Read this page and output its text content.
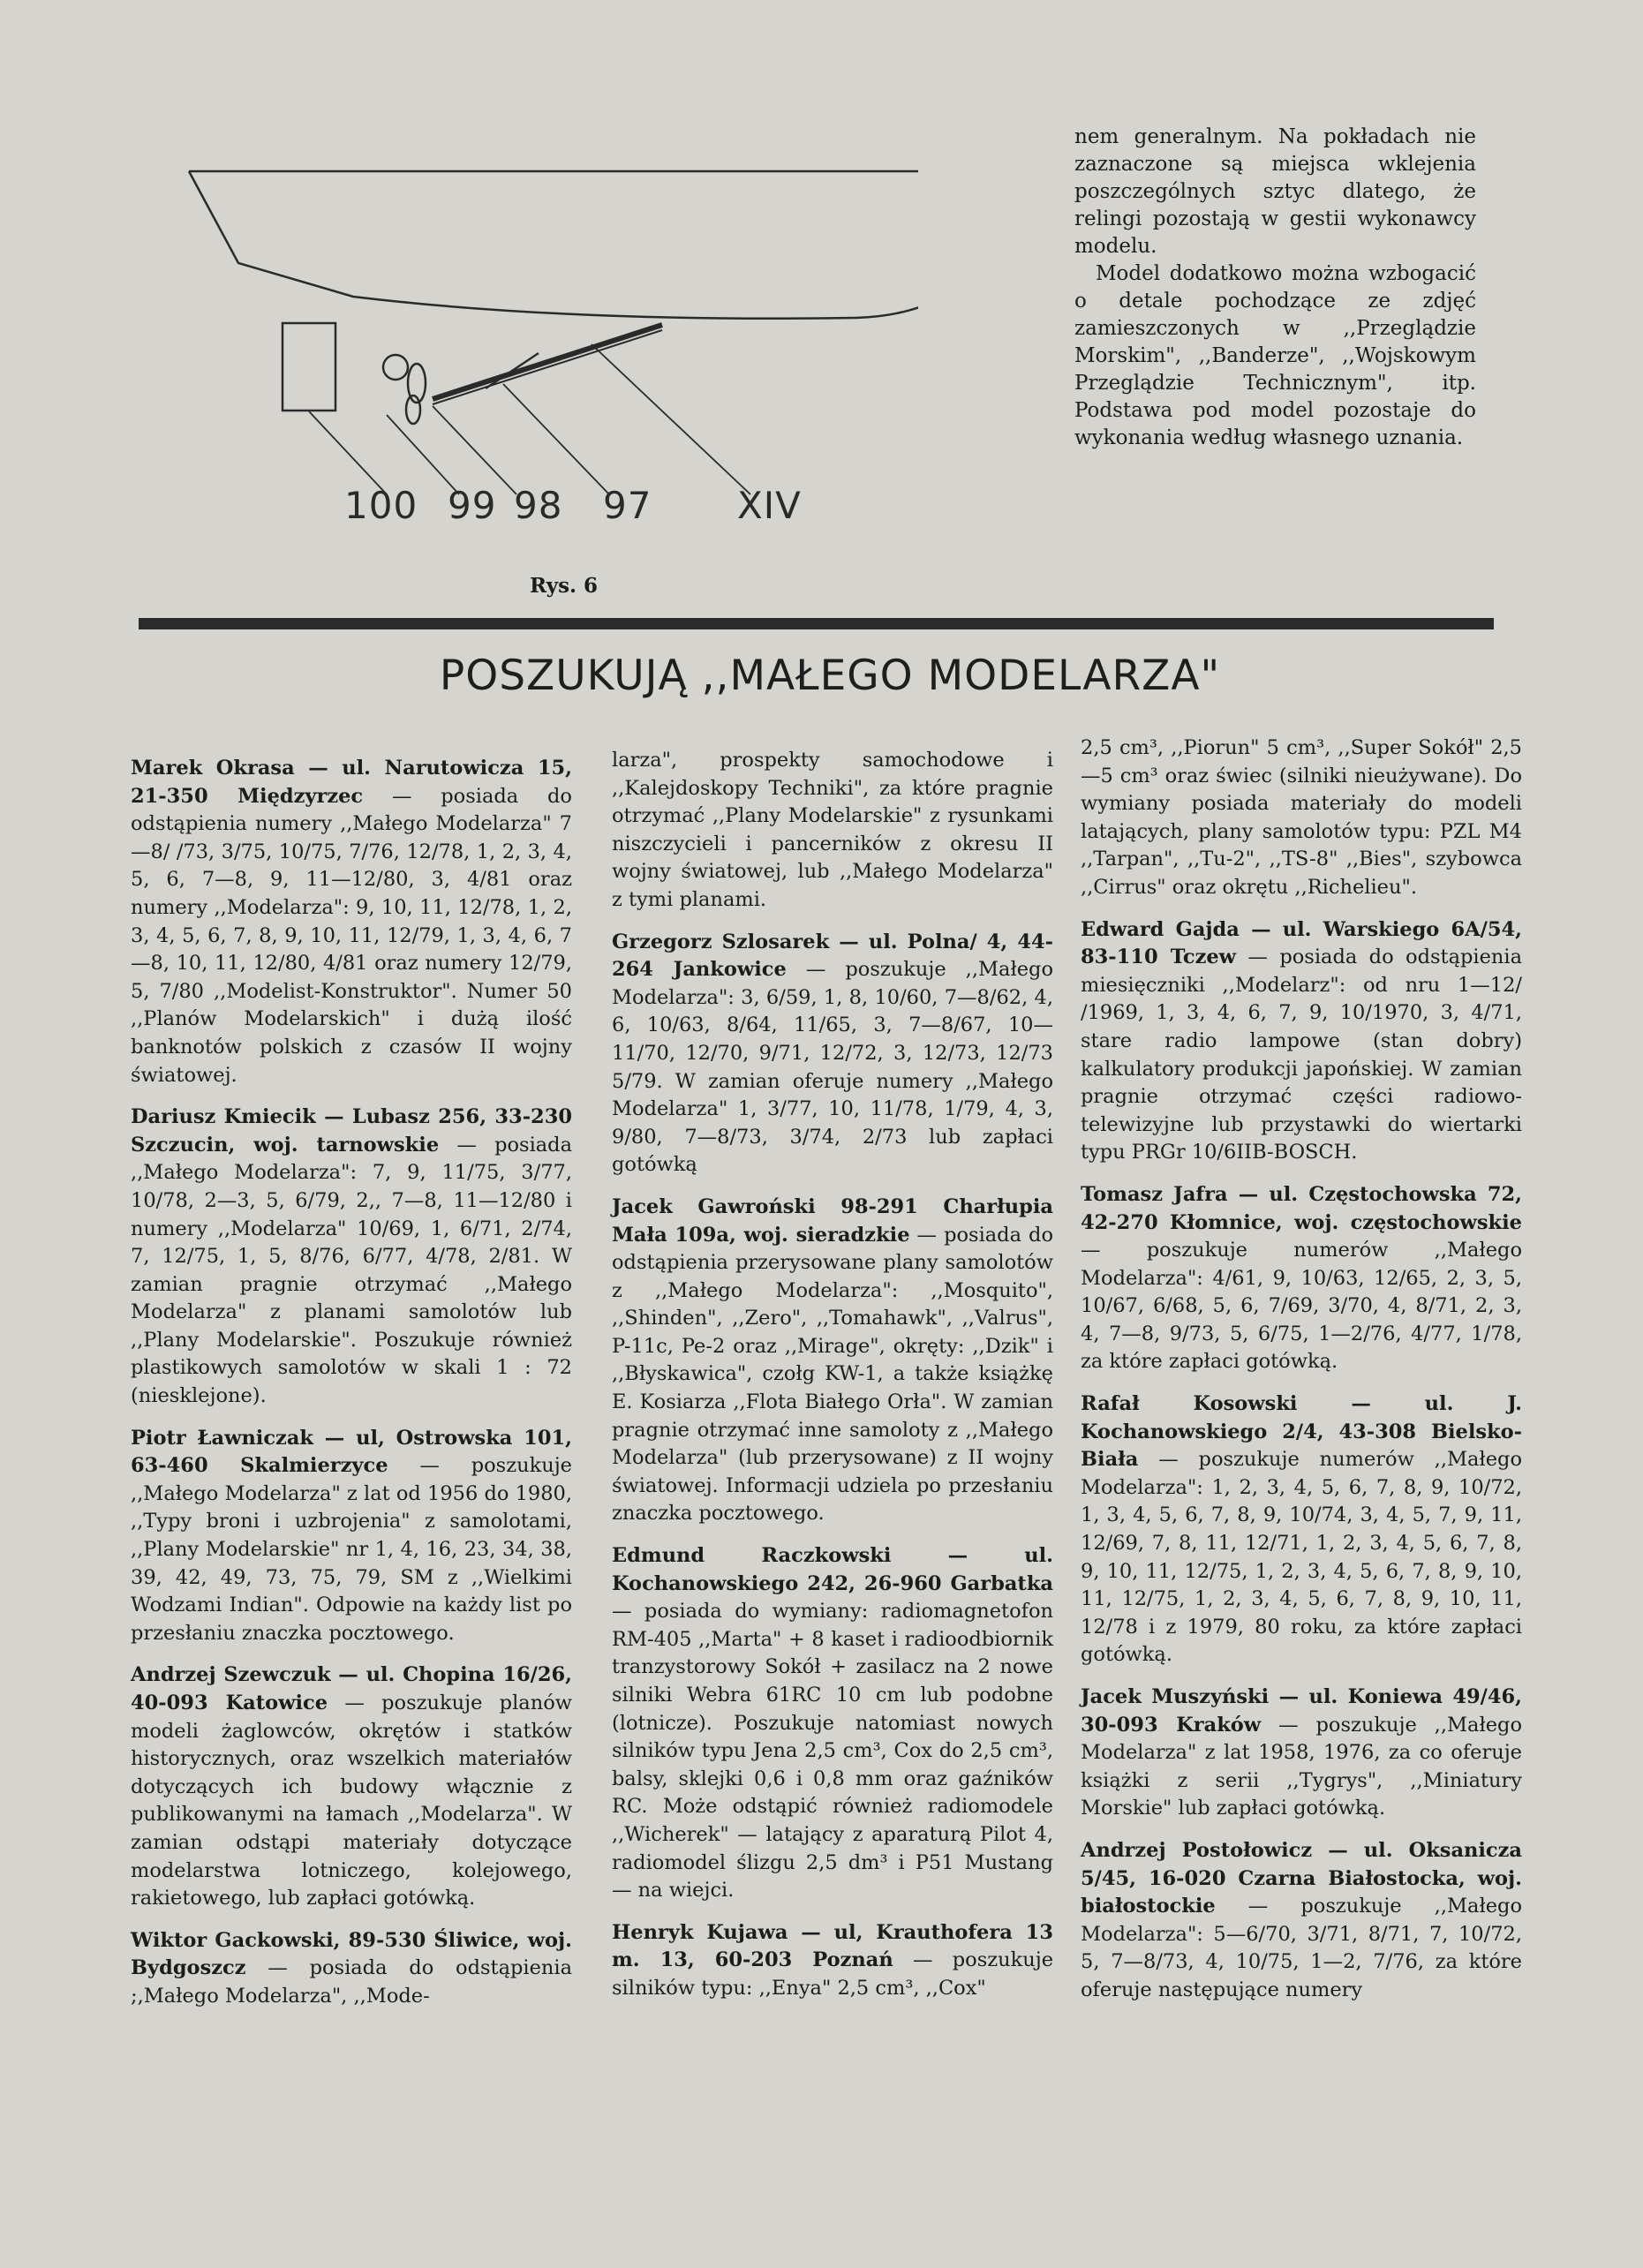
100 99 98 97 XIV
Rys. 6

nem generalnym. Na pokładach nie zaznaczone są miejsca wklejenia poszczególnych sztyc dlatego, że relingi pozostają w gestii wykonawcy modelu.

Model dodatkowo można wzbogacić o detale pochodzące ze zdjęć zamieszczonych w ,,Przeglądzie Morskim", ,,Banderze", ,,Wojskowym Przeglądzie Technicznym", itp. Podstawa pod model pozostaje do wykonania według własnego uznania.

POSZUKUJĄ ,,MAŁEGO MODELARZA"

Marek Okrasa — ul. Narutowicza 15, 21-350 Międzyrzec — posiada do odstąpienia numery ,,Małego Modelarza" 7—8/ /73, 3/75, 10/75, 7/76, 12/78, 1, 2, 3, 4, 5, 6, 7—8, 9, 11—12/80, 3, 4/81 oraz numery ,,Modelarza": 9, 10, 11, 12/78, 1, 2, 3, 4, 5, 6, 7, 8, 9, 10, 11, 12/79, 1, 3, 4, 6, 7—8, 10, 11, 12/80, 4/81 oraz numery 12/79, 5, 7/80 ,,Modelist-Konstruktor". Numer 50 ,,Planów Modelarskich" i dużą ilość banknotów polskich z czasów II wojny światowej.

Dariusz Kmiecik — Lubasz 256, 33-230 Szczucin, woj. tarnowskie — posiada ,,Małego Modelarza": 7, 9, 11/75, 3/77, 10/78, 2—3, 5, 6/79, 2,, 7—8, 11—12/80 i numery ,,Modelarza" 10/69, 1, 6/71, 2/74, 7, 12/75, 1, 5, 8/76, 6/77, 4/78, 2/81. W zamian pragnie otrzymać ,,Małego Modelarza" z planami samolotów lub ,,Plany Modelarskie". Poszukuje również plastikowych samolotów w skali 1 : 72 (niesklejone).

Piotr Ławniczak — ul, Ostrowska 101, 63-460 Skalmierzyce — poszukuje ,,Małego Modelarza" z lat od 1956 do 1980, ,,Typy broni i uzbrojenia" z samolotami, ,,Plany Modelarskie" nr 1, 4, 16, 23, 34, 38, 39, 42, 49, 73, 75, 79, SM z ,,Wielkimi Wodzami Indian". Odpowie na każdy list po przesłaniu znaczka pocztowego.

Andrzej Szewczuk — ul. Chopina 16/26, 40-093 Katowice — poszukuje planów modeli żaglowców, okrętów i statków historycznych, oraz wszelkich materiałów dotyczących ich budowy włącznie z publikowanymi na łamach ,,Modelarza". W zamian odstąpi materiały dotyczące modelarstwa lotniczego, kolejowego, rakietowego, lub zapłaci gotówką.

Wiktor Gackowski, 89-530 Śliwice, woj. Bydgoszcz — posiada do odstąpienia ;,Małego Modelarza", ,,Mode-

larza", prospekty samochodowe i ,,Kalejdoskopy Techniki", za które pragnie otrzymać ,,Plany Modelarskie" z rysunkami niszczycieli i pancerników z okresu II wojny światowej, lub ,,Małego Modelarza" z tymi planami.

Grzegorz Szlosarek — ul. Polna/ 4, 44-264 Jankowice — poszukuje ,,Małego Modelarza": 3, 6/59, 1, 8, 10/60, 7—8/62, 4, 6, 10/63, 8/64, 11/65, 3, 7—8/67, 10—11/70, 12/70, 9/71, 12/72, 3, 12/73, 12/73 5/79. W zamian oferuje numery ,,Małego Modelarza" 1, 3/77, 10, 11/78, 1/79, 4, 3, 9/80, 7—8/73, 3/74, 2/73 lub zapłaci gotówką

Jacek Gawroński 98-291 Charłupia Mała 109a, woj. sieradzkie — posiada do odstąpienia przerysowane plany samolotów z ,,Małego Modelarza": ,,Mosquito", ,,Shinden", ,,Zero", ,,Tomahawk", ,,Valrus", P-11c, Pe-2 oraz ,,Mirage", okręty: ,,Dzik" i ,,Błyskawica", czołg KW-1, a także książkę E. Kosiarza ,,Flota Białego Orła". W zamian pragnie otrzymać inne samoloty z ,,Małego Modelarza" (lub przerysowane) z II wojny światowej. Informacji udziela po przesłaniu znaczka pocztowego.

Edmund Raczkowski — ul. Kochanowskiego 242, 26-960 Garbatka — posiada do wymiany: radiomagnetofon RM-405 ,,Marta" + 8 kaset i radioodbiornik tranzystorowy Sokół + zasilacz na 2 nowe silniki Webra 61RC 10 cm lub podobne (lotnicze). Poszukuje natomiast nowych silników typu Jena 2,5 cm³, Cox do 2,5 cm³, balsy, sklejki 0,6 i 0,8 mm oraz gaźników RC. Może odstąpić również radiomodele ,,Wicherek" — latający z aparaturą Pilot 4, radiomodel ślizgu 2,5 dm³ i P51 Mustang — na wiejci.

Henryk Kujawa — ul, Krauthofera 13 m. 13, 60-203 Poznań — poszukuje silników typu: ,,Enya" 2,5 cm³, ,,Cox"

2,5 cm³, ,,Piorun" 5 cm³, ,,Super Sokół" 2,5—5 cm³ oraz świec (silniki nieużywane). Do wymiany posiada materiały do modeli latających, plany samolotów typu: PZL M4 ,,Tarpan", ,,Tu-2", ,,TS-8" ,,Bies", szybowca ,,Cirrus" oraz okrętu ,,Richelieu".

Edward Gajda — ul. Warskiego 6A/54, 83-110 Tczew — posiada do odstąpienia miesięczniki ,,Modelarz": od nru 1—12/ /1969, 1, 3, 4, 6, 7, 9, 10/1970, 3, 4/71, stare radio lampowe (stan dobry) kalkulatory produkcji japońskiej. W zamian pragnie otrzymać części radiowo-telewizyjne lub przystawki do wiertarki typu PRGr 10/6IIB-BOSCH.

Tomasz Jafra — ul. Częstochowska 72, 42-270 Kłomnice, woj. częstochowskie — poszukuje numerów ,,Małego Modelarza": 4/61, 9, 10/63, 12/65, 2, 3, 5, 10/67, 6/68, 5, 6, 7/69, 3/70, 4, 8/71, 2, 3, 4, 7—8, 9/73, 5, 6/75, 1—2/76, 4/77, 1/78, za które zapłaci gotówką.

Rafał Kosowski — ul. J. Kochanowskiego 2/4, 43-308 Bielsko-Biała — poszukuje numerów ,,Małego Modelarza": 1, 2, 3, 4, 5, 6, 7, 8, 9, 10/72, 1, 3, 4, 5, 6, 7, 8, 9, 10/74, 3, 4, 5, 7, 9, 11, 12/69, 7, 8, 11, 12/71, 1, 2, 3, 4, 5, 6, 7, 8, 9, 10, 11, 12/75, 1, 2, 3, 4, 5, 6, 7, 8, 9, 10, 11, 12/75, 1, 2, 3, 4, 5, 6, 7, 8, 9, 10, 11, 12/78 i z 1979, 80 roku, za które zapłaci gotówką.

Jacek Muszyński — ul. Koniewa 49/46, 30-093 Kraków — poszukuje ,,Małego Modelarza" z lat 1958, 1976, za co oferuje książki z serii ,,Tygrys", ,,Miniatury Morskie" lub zapłaci gotówką.

Andrzej Postołowicz — ul. Oksanicza 5/45, 16-020 Czarna Białostocka, woj. białostockie — poszukuje ,,Małego Modelarza": 5—6/70, 3/71, 8/71, 7, 10/72, 5, 7—8/73, 4, 10/75, 1—2, 7/76, za które oferuje następujące numery
